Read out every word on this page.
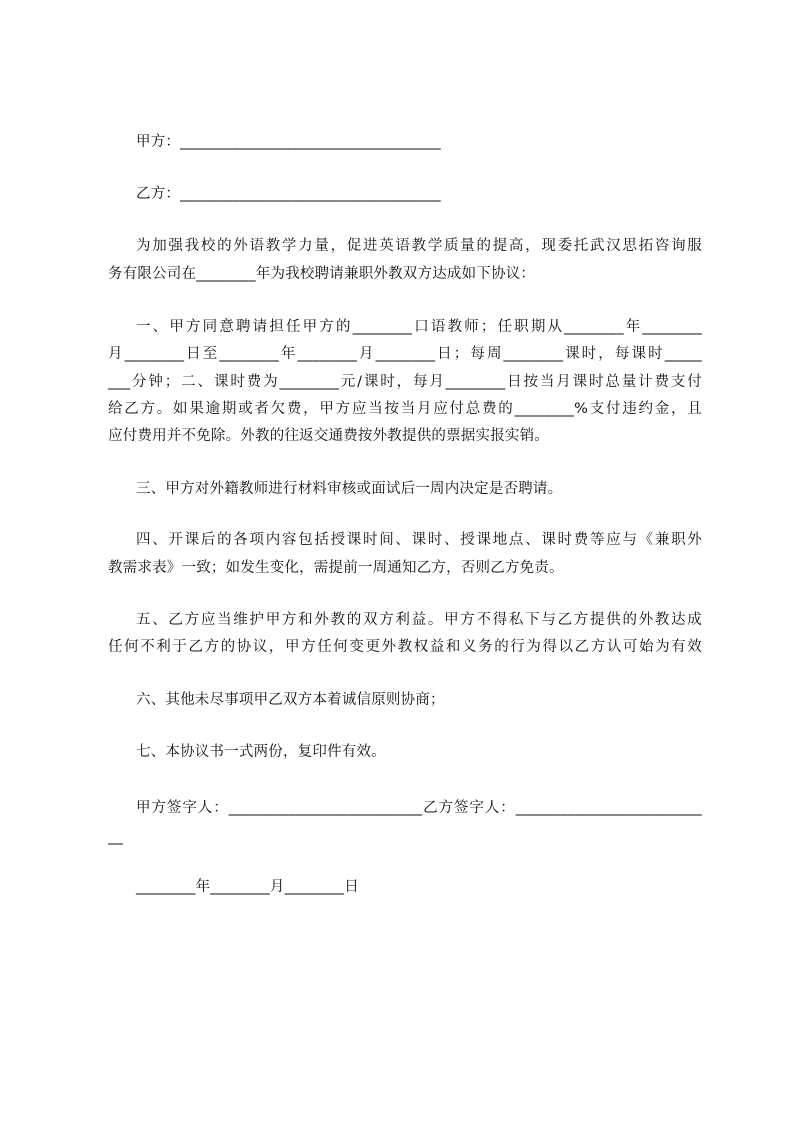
甲方：___________________________________
乙方：___________________________________
为加强我校的外语教学力量，促进英语教学质量的提高，现委托武汉思拓咨询服
务有限公司在________年为我校聘请兼职外教双方达成如下协议：
一、甲方同意聘请担任甲方的________口语教师；任职期从________年________
月________日至________年________月________日；每周________课时，每课时_____
___分钟；二、课时费为________元/课时，每月________日按当月课时总量计费支付
给乙方。如果逾期或者欠费，甲方应当按当月应付总费的________%支付违约金，且
应付费用并不免除。外教的往返交通费按外教提供的票据实报实销。
三、甲方对外籍教师进行材料审核或面试后一周内决定是否聘请。
四、开课后的各项内容包括授课时间、课时、授课地点、课时费等应与《兼职外
教需求表》一致；如发生变化，需提前一周通知乙方，否则乙方免责。
五、乙方应当维护甲方和外教的双方利益。甲方不得私下与乙方提供的外教达成
任何不利于乙方的协议，甲方任何变更外教权益和义务的行为得以乙方认可始为有效
六、其他未尽事项甲乙双方本着诚信原则协商；
七、本协议书一式两份，复印件有效。
甲方签字人：__________________________乙方签字人：_________________________
__
________年________月________日
